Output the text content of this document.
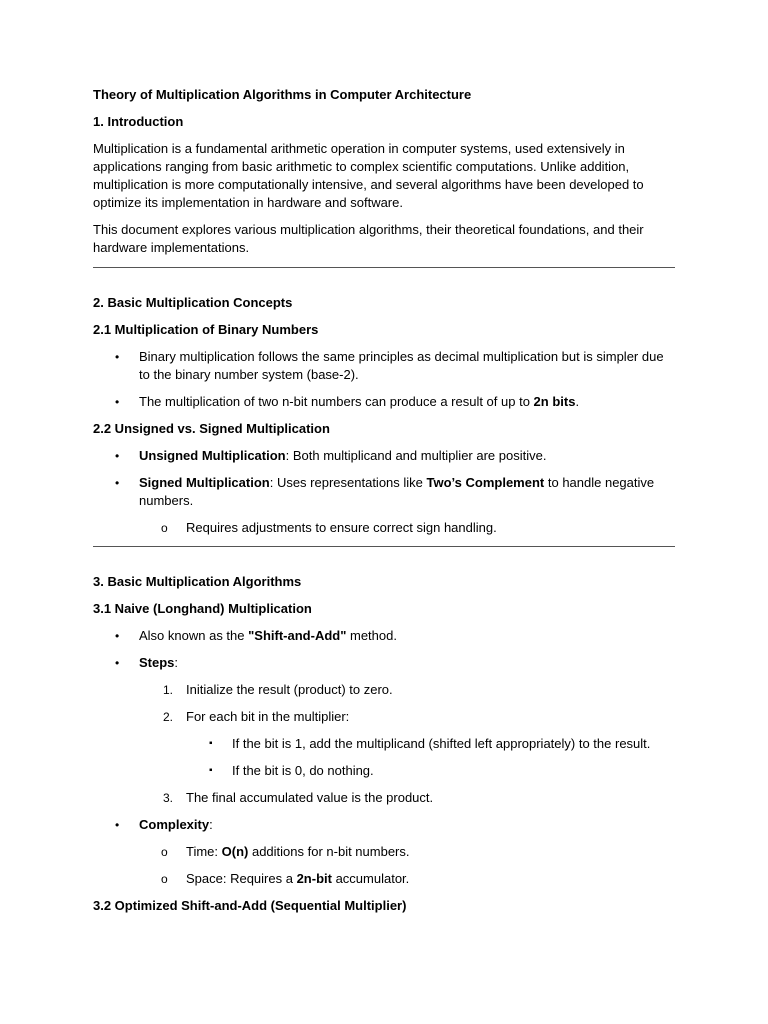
Theory of Multiplication Algorithms in Computer Architecture

1. Introduction

Multiplication is a fundamental arithmetic operation in computer systems, used extensively in applications ranging from basic arithmetic to complex scientific computations. Unlike addition, multiplication is more computationally intensive, and several algorithms have been developed to optimize its implementation in hardware and software.

This document explores various multiplication algorithms, their theoretical foundations, and their hardware implementations.

2. Basic Multiplication Concepts

2.1 Multiplication of Binary Numbers

• Binary multiplication follows the same principles as decimal multiplication but is simpler due to the binary number system (base-2).
• The multiplication of two n-bit numbers can produce a result of up to 2n bits.

2.2 Unsigned vs. Signed Multiplication

• Unsigned Multiplication: Both multiplicand and multiplier are positive.
• Signed Multiplication: Uses representations like Two’s Complement to handle negative numbers.
o Requires adjustments to ensure correct sign handling.

3. Basic Multiplication Algorithms

3.1 Naive (Longhand) Multiplication

• Also known as the "Shift-and-Add" method.
• Steps:
1. Initialize the result (product) to zero.
2. For each bit in the multiplier:
▪ If the bit is 1, add the multiplicand (shifted left appropriately) to the result.
▪ If the bit is 0, do nothing.
3. The final accumulated value is the product.
• Complexity:
o Time: O(n) additions for n-bit numbers.
o Space: Requires a 2n-bit accumulator.

3.2 Optimized Shift-and-Add (Sequential Multiplier)
